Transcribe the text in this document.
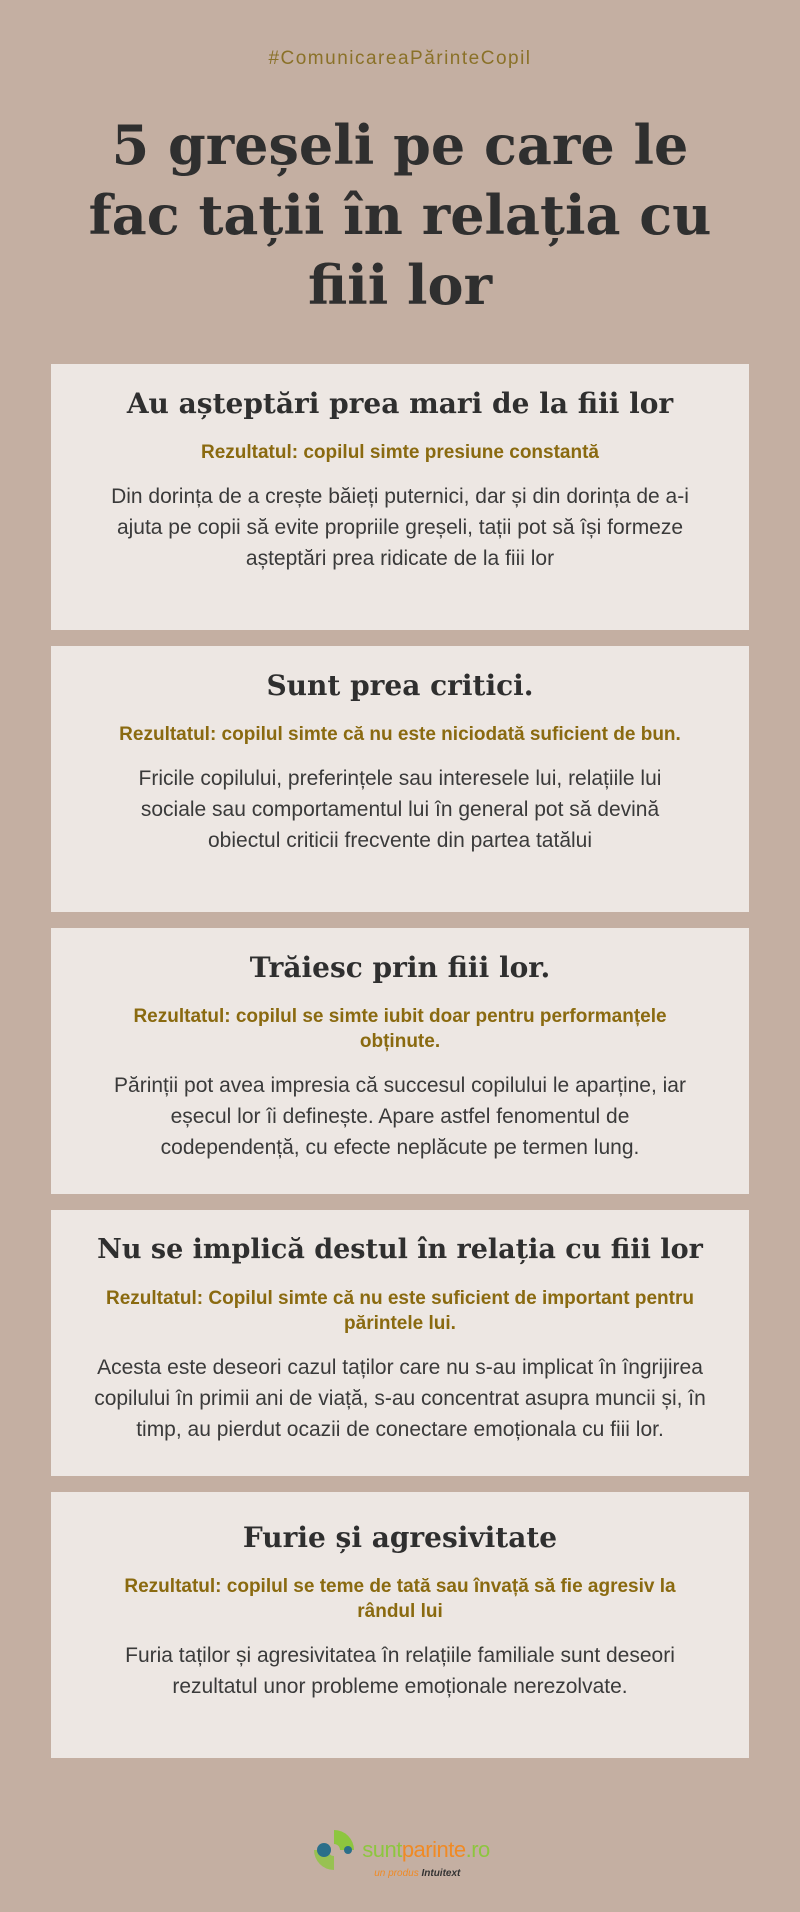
#ComunicareaPărinteCopil
5 greșeli pe care le fac tații în relația cu fiii lor
Au așteptări prea mari de la fiii lor

Rezultatul: copilul simte presiune constantă

Din dorința de a crește băieți puternici, dar și din dorința de a-i ajuta pe copii să evite propriile greșeli, tații pot să își formeze așteptări prea ridicate de la fiii lor

Sunt prea critici.

Rezultatul: copilul simte că nu este niciodată suficient de bun.

Fricile copilului, preferințele sau interesele lui, relațiile lui sociale sau comportamentul lui în general pot să devină obiectul criticii frecvente din partea tatălui

Trăiesc prin fiii lor.

Rezultatul: copilul se simte iubit doar pentru performanțele obținute.

Părinții pot avea impresia că succesul copilului le aparține, iar eșecul lor îi definește. Apare astfel fenomentul de codependență, cu efecte neplăcute pe termen lung.

Nu se implică destul în relația cu fiii lor

Rezultatul: Copilul simte că nu este suficient de important pentru părintele lui.

Acesta este deseori cazul taților care nu s-au implicat în îngrijirea copilului în primii ani de viață, s-au concentrat asupra muncii și, în timp, au pierdut ocazii de conectare emoționala cu fiii lor.

Furie și agresivitate

Rezultatul: copilul se teme de tată sau învață să fie agresiv la rândul lui

Furia taților și agresivitatea în relațiile familiale sunt deseori rezultatul unor probleme emoționale nerezolvate.

suntparinte.ro
un produs Intuitext
